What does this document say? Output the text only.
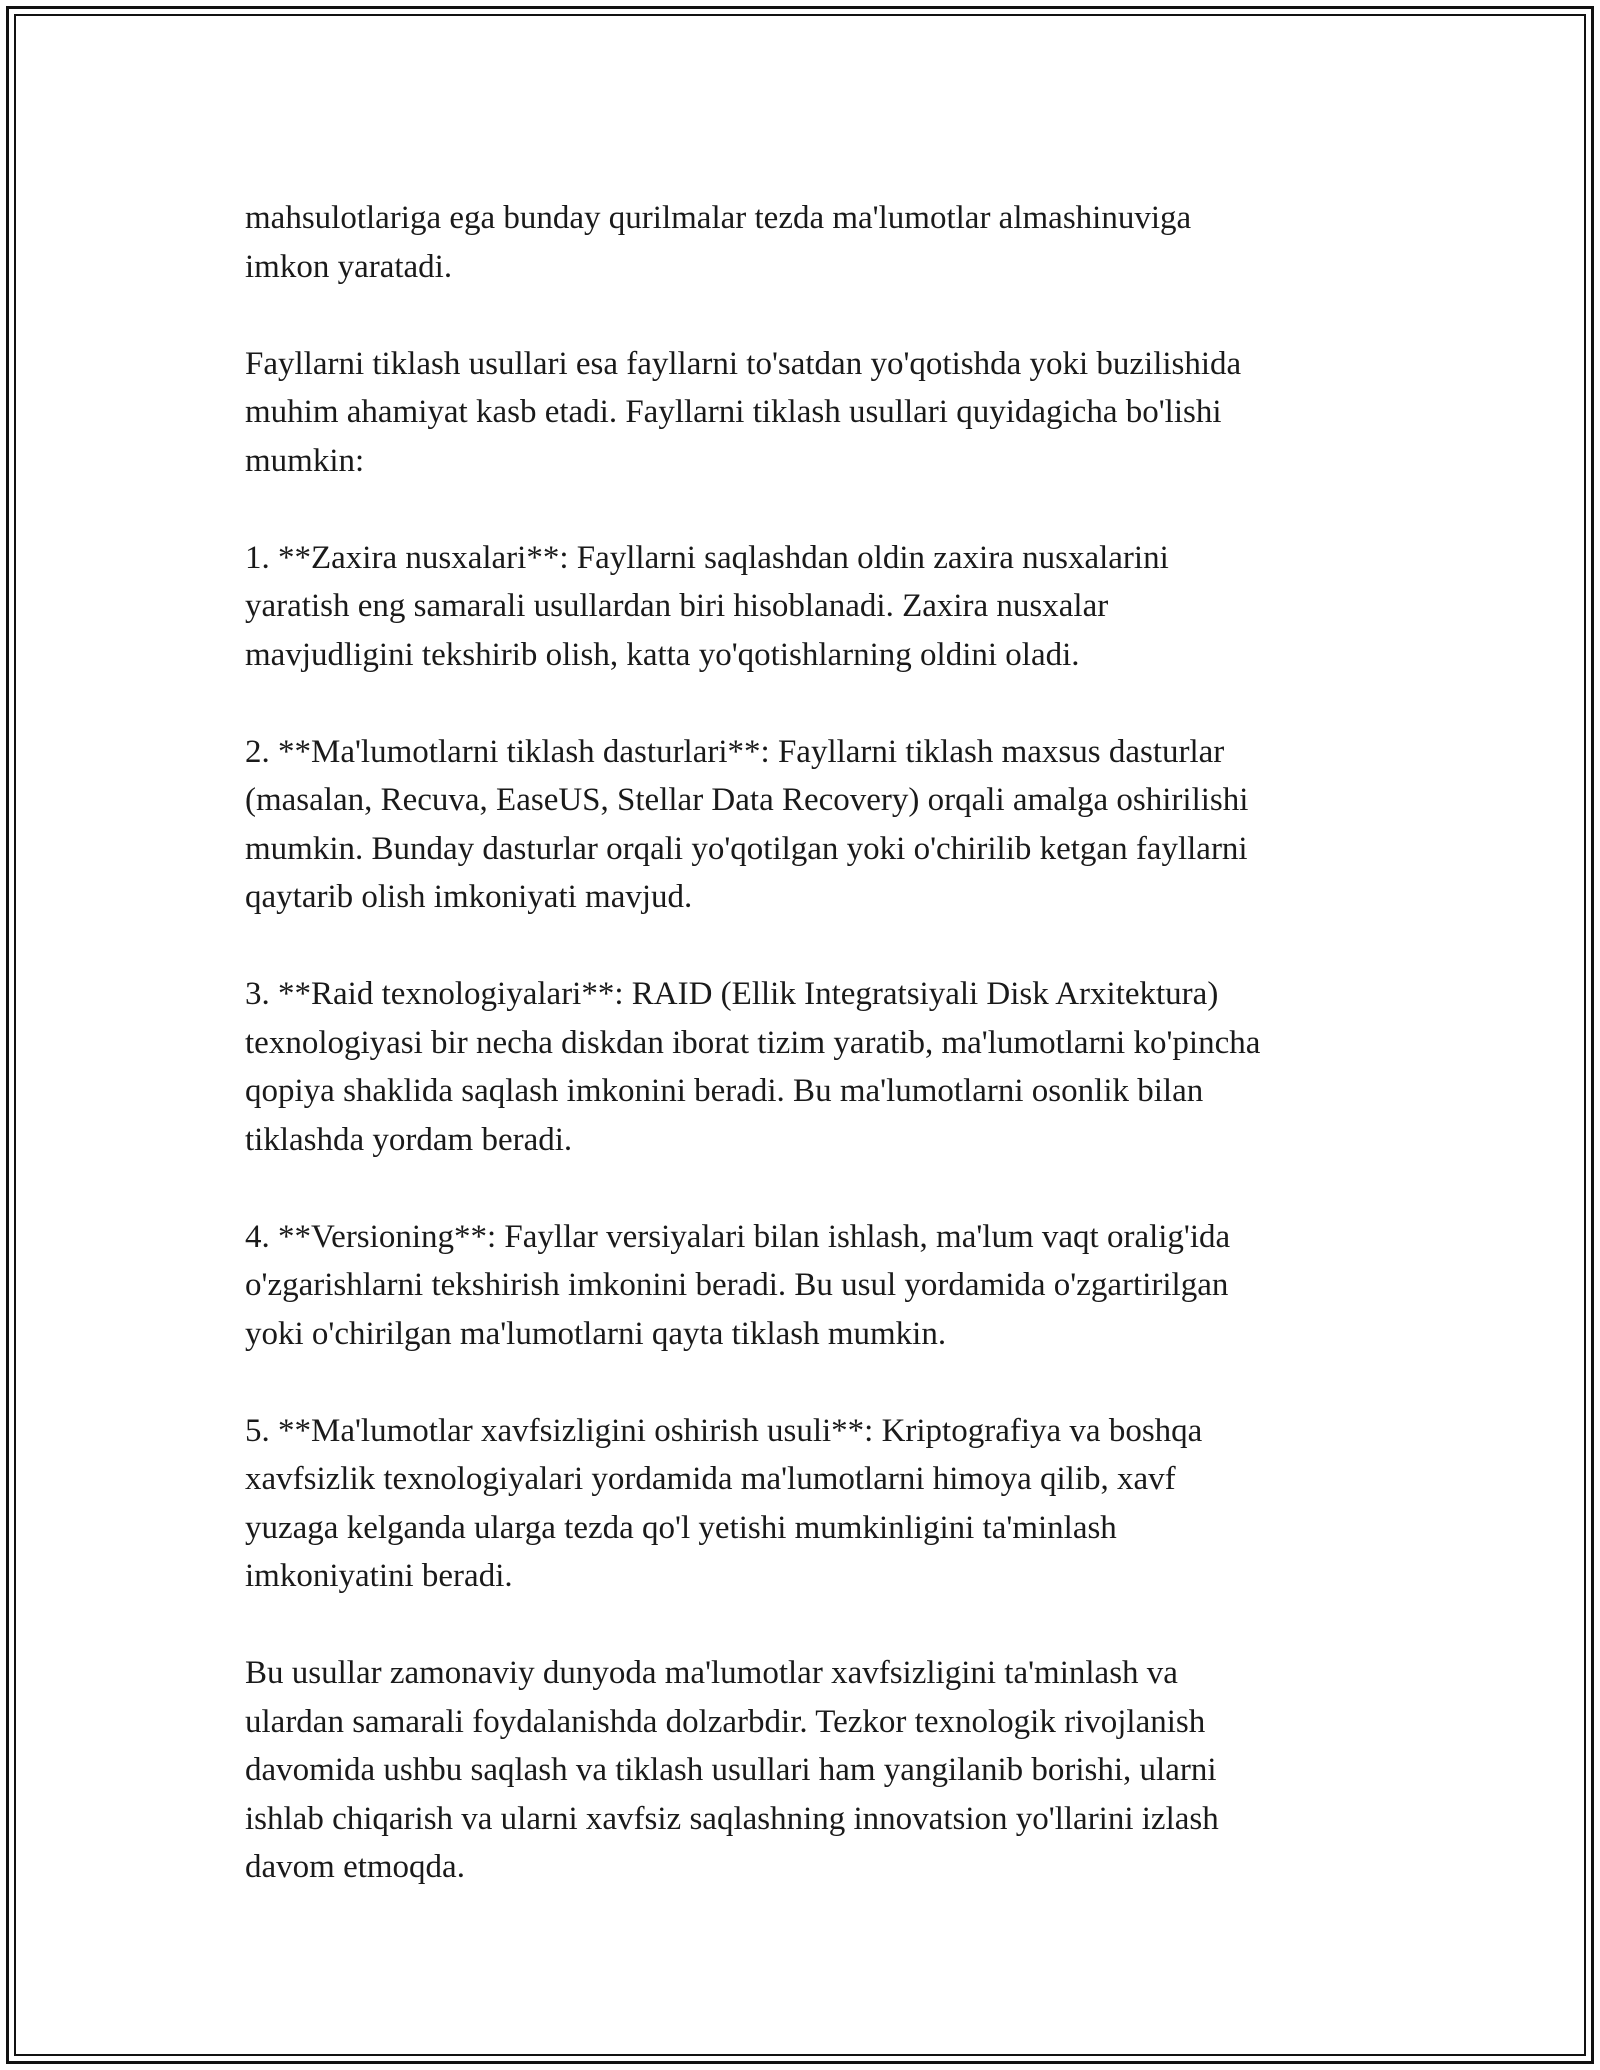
mahsulotlariga ega bunday qurilmalar tezda ma'lumotlar almashinuviga
imkon yaratadi.

Fayllarni tiklash usullari esa fayllarni to'satdan yo'qotishda yoki buzilishida
muhim ahamiyat kasb etadi. Fayllarni tiklash usullari quyidagicha bo'lishi
mumkin:

1. **Zaxira nusxalari**: Fayllarni saqlashdan oldin zaxira nusxalarini
yaratish eng samarali usullardan biri hisoblanadi. Zaxira nusxalar
mavjudligini tekshirib olish, katta yo'qotishlarning oldini oladi.

2. **Ma'lumotlarni tiklash dasturlari**: Fayllarni tiklash maxsus dasturlar
(masalan, Recuva, EaseUS, Stellar Data Recovery) orqali amalga oshirilishi
mumkin. Bunday dasturlar orqali yo'qotilgan yoki o'chirilib ketgan fayllarni
qaytarib olish imkoniyati mavjud.

3. **Raid texnologiyalari**: RAID (Ellik Integratsiyali Disk Arxitektura)
texnologiyasi bir necha diskdan iborat tizim yaratib, ma'lumotlarni ko'pincha
qopiya shaklida saqlash imkonini beradi. Bu ma'lumotlarni osonlik bilan
tiklashda yordam beradi.

4. **Versioning**: Fayllar versiyalari bilan ishlash, ma'lum vaqt oralig'ida
o'zgarishlarni tekshirish imkonini beradi. Bu usul yordamida o'zgartirilgan
yoki o'chirilgan ma'lumotlarni qayta tiklash mumkin.

5. **Ma'lumotlar xavfsizligini oshirish usuli**: Kriptografiya va boshqa
xavfsizlik texnologiyalari yordamida ma'lumotlarni himoya qilib, xavf
yuzaga kelganda ularga tezda qo'l yetishi mumkinligini ta'minlash
imkoniyatini beradi.

Bu usullar zamonaviy dunyoda ma'lumotlar xavfsizligini ta'minlash va
ulardan samarali foydalanishda dolzarbdir. Tezkor texnologik rivojlanish
davomida ushbu saqlash va tiklash usullari ham yangilanib borishi, ularni
ishlab chiqarish va ularni xavfsiz saqlashning innovatsion yo'llarini izlash
davom etmoqda.
